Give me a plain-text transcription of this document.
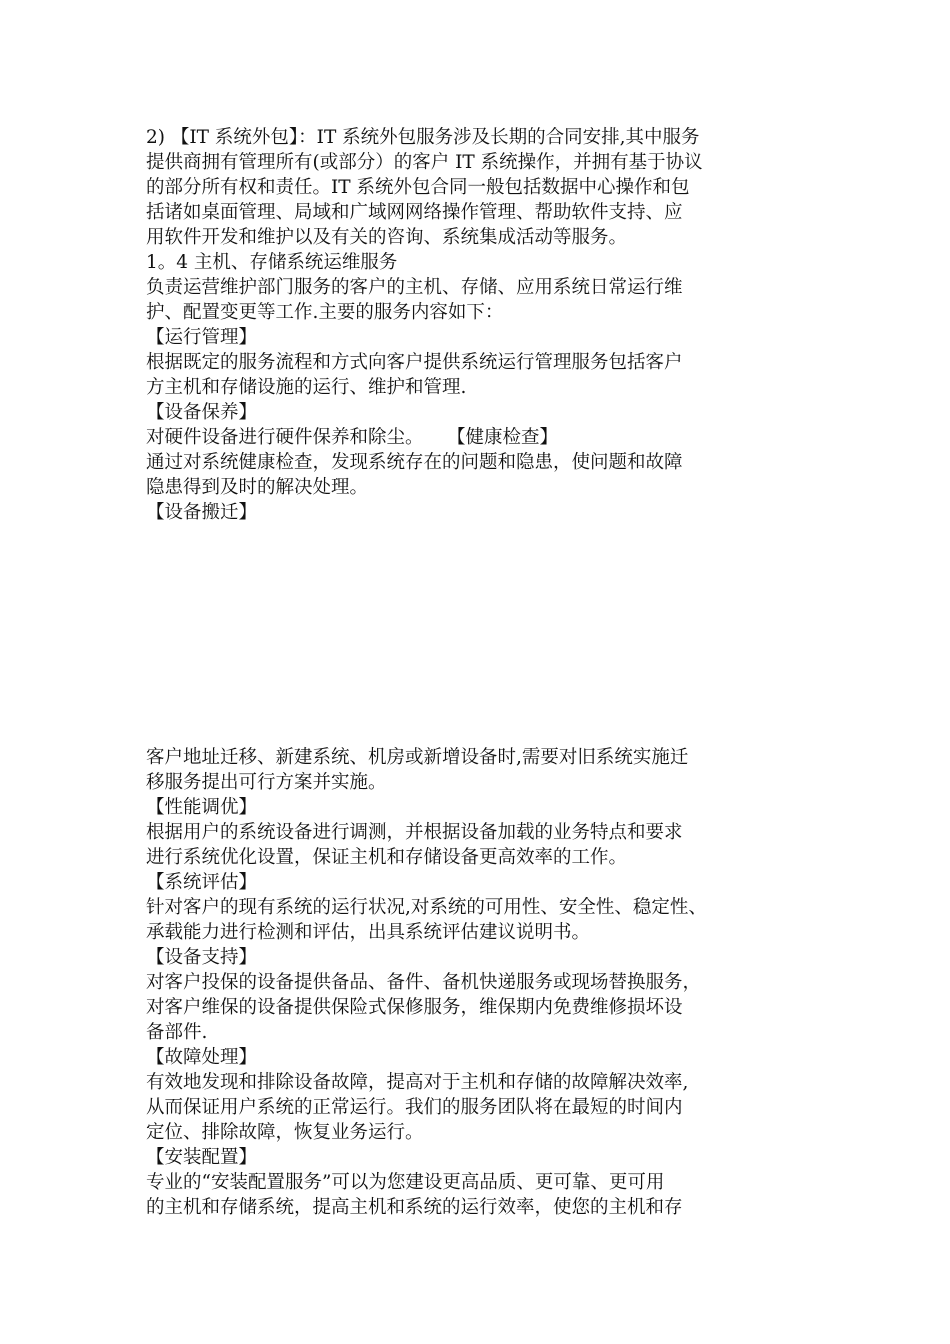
2) 【IT 系统外包】：IT 系统外包服务涉及长期的合同安排,其中服务

提供商拥有管理所有(或部分）的客户 IT 系统操作，并拥有基于协议

的部分所有权和责任。IT 系统外包合同一般包括数据中心操作和包

括诸如桌面管理、局域和广域网网络操作管理、帮助软件支持、应

用软件开发和维护以及有关的咨询、系统集成活动等服务。

1。4 主机、存储系统运维服务

负责运营维护部门服务的客户的主机、存储、应用系统日常运行维

护、配置变更等工作.主要的服务内容如下：

【运行管理】

根据既定的服务流程和方式向客户提供系统运行管理服务包括客户

方主机和存储设施的运行、维护和管理.

【设备保养】

对硬件设备进行硬件保养和除尘。    【健康检查】

通过对系统健康检查，发现系统存在的问题和隐患，使问题和故障

隐患得到及时的解决处理。

【设备搬迁】

客户地址迁移、新建系统、机房或新增设备时,需要对旧系统实施迁

移服务提出可行方案并实施。

【性能调优】

根据用户的系统设备进行调测，并根据设备加载的业务特点和要求

进行系统优化设置，保证主机和存储设备更高效率的工作。

【系统评估】

针对客户的现有系统的运行状况,对系统的可用性、安全性、稳定性、

承载能力进行检测和评估，出具系统评估建议说明书。

【设备支持】

对客户投保的设备提供备品、备件、备机快递服务或现场替换服务，

对客户维保的设备提供保险式保修服务，维保期内免费维修损坏设

备部件.

【故障处理】

有效地发现和排除设备故障，提高对于主机和存储的故障解决效率,

从而保证用户系统的正常运行。我们的服务团队将在最短的时间内

定位、排除故障，恢复业务运行。

【安装配置】

专业的“安装配置服务”可以为您建设更高品质、更可靠、更可用

的主机和存储系统，提高主机和系统的运行效率，使您的主机和存
